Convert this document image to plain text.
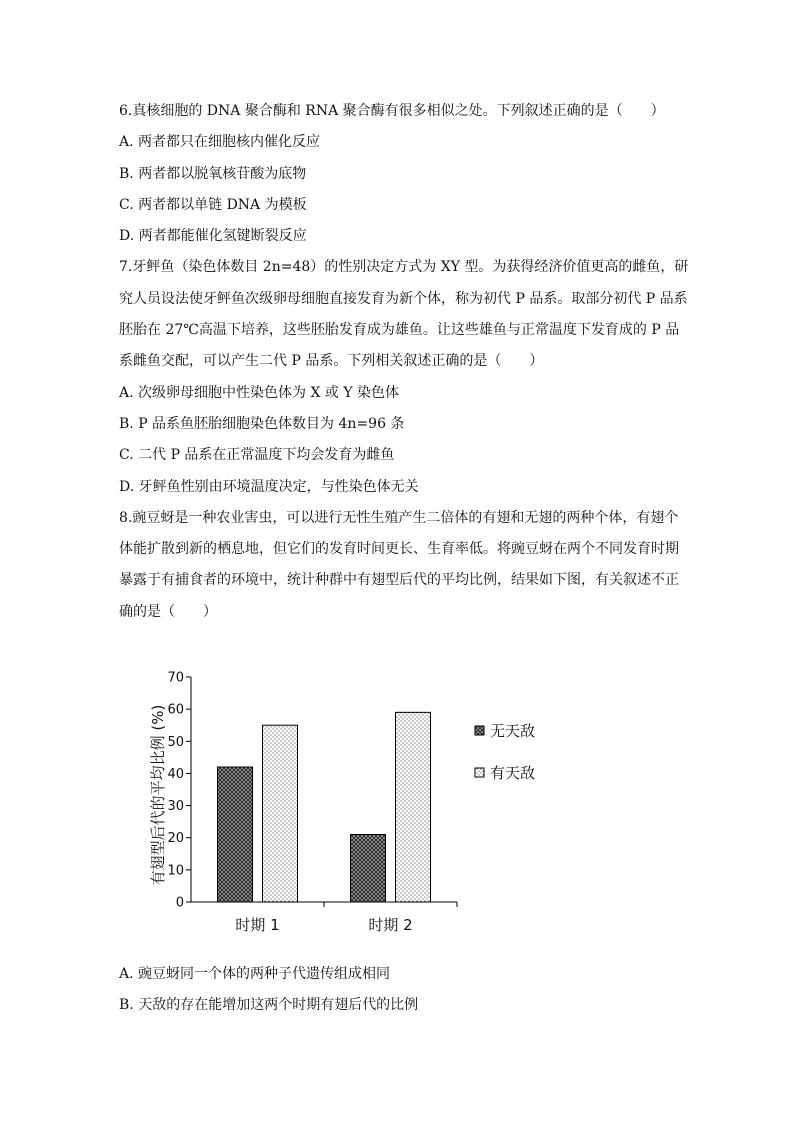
6.真核细胞的 DNA 聚合酶和 RNA 聚合酶有很多相似之处。下列叙述正确的是（　　）
A. 两者都只在细胞核内催化反应
B. 两者都以脱氧核苷酸为底物
C. 两者都以单链 DNA 为模板
D. 两者都能催化氢键断裂反应
7.牙鲆鱼（染色体数目 2n=48）的性别决定方式为 XY 型。为获得经济价值更高的雌鱼，研
究人员设法使牙鲆鱼次级卵母细胞直接发育为新个体，称为初代 P 品系。取部分初代 P 品系
胚胎在 27℃高温下培养，这些胚胎发育成为雄鱼。让这些雄鱼与正常温度下发育成的 P 品
系雌鱼交配，可以产生二代 P 品系。下列相关叙述正确的是（　　）
A. 次级卵母细胞中性染色体为 X 或 Y 染色体
B. P 品系鱼胚胎细胞染色体数目为 4n=96 条
C. 二代 P 品系在正常温度下均会发育为雌鱼
D. 牙鲆鱼性别由环境温度决定，与性染色体无关
8.豌豆蚜是一种农业害虫，可以进行无性生殖产生二倍体的有翅和无翅的两种个体，有翅个
体能扩散到新的栖息地，但它们的发育时间更长、生育率低。将豌豆蚜在两个不同发育时期
暴露于有捕食者的环境中，统计种群中有翅型后代的平均比例，结果如下图，有关叙述不正
确的是（　　）
0
10
20
30
40
50
60
70
有翅型后代的平均比例 (%)
时期 1	时期 2
无天敌
有天敌
A. 豌豆蚜同一个体的两种子代遗传组成相同
B. 天敌的存在能增加这两个时期有翅后代的比例
